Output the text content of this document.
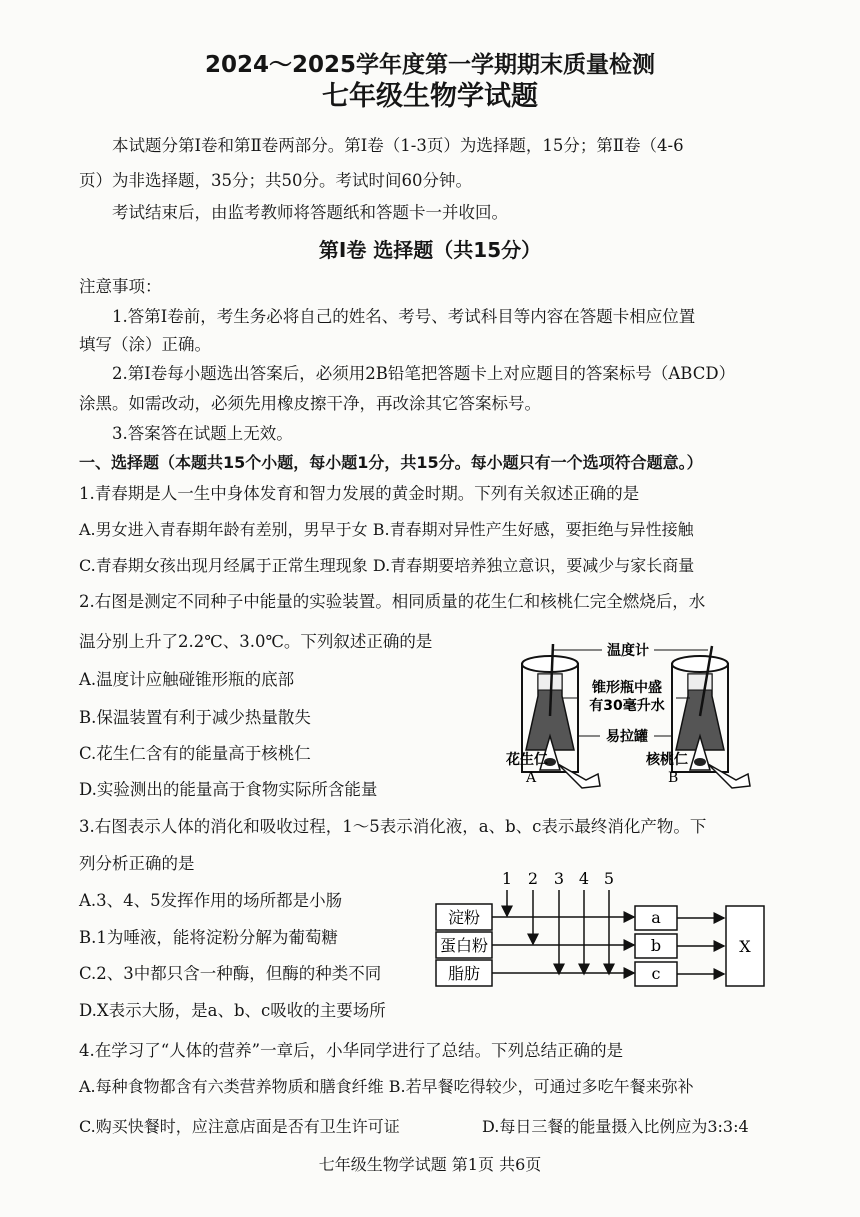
2024～2025学年度第一学期期末质量检测
七年级生物学试题
本试题分第Ⅰ卷和第Ⅱ卷两部分。第Ⅰ卷（1-3页）为选择题，15分；第Ⅱ卷（4-6
页）为非选择题，35分；共50分。考试时间60分钟。
考试结束后，由监考教师将答题纸和答题卡一并收回。
第Ⅰ卷 选择题（共15分）
注意事项：
1.答第Ⅰ卷前，考生务必将自己的姓名、考号、考试科目等内容在答题卡相应位置
填写（涂）正确。
2.第Ⅰ卷每小题选出答案后，必须用2B铅笔把答题卡上对应题目的答案标号（ABCD）
涂黑。如需改动，必须先用橡皮擦干净，再改涂其它答案标号。
3.答案答在试题上无效。
一、选择题（本题共15个小题，每小题1分，共15分。每小题只有一个选项符合题意。）
1.青春期是人一生中身体发育和智力发展的黄金时期。下列有关叙述正确的是
A.男女进入青春期年龄有差别，男早于女 B.青春期对异性产生好感，要拒绝与异性接触
C.青春期女孩出现月经属于正常生理现象 D.青春期要培养独立意识，要减少与家长商量
2.右图是测定不同种子中能量的实验装置。相同质量的花生仁和核桃仁完全燃烧后，水
温分别上升了2.2℃、3.0℃。下列叙述正确的是
A.温度计应触碰锥形瓶的底部
B.保温装置有利于减少热量散失
C.花生仁含有的能量高于核桃仁
D.实验测出的能量高于食物实际所含能量
温度计
锥形瓶中盛
有30毫升水
易拉罐
花生仁
A
核桃仁
B
3.右图表示人体的消化和吸收过程，1～5表示消化液，a、b、c表示最终消化产物。下
列分析正确的是
A.3、4、5发挥作用的场所都是小肠
B.1为唾液，能将淀粉分解为葡萄糖
C.2、3中都只含一种酶，但酶的种类不同
D.X表示大肠，是a、b、c吸收的主要场所
1 2 3 4 5
淀粉
蛋白粉
脂肪
a
b
c
X
4.在学习了“人体的营养”一章后，小华同学进行了总结。下列总结正确的是
A.每种食物都含有六类营养物质和膳食纤维 B.若早餐吃得较少，可通过多吃午餐来弥补
C.购买快餐时，应注意店面是否有卫生许可证	D.每日三餐的能量摄入比例应为3:3:4
七年级生物学试题 第1页 共6页
